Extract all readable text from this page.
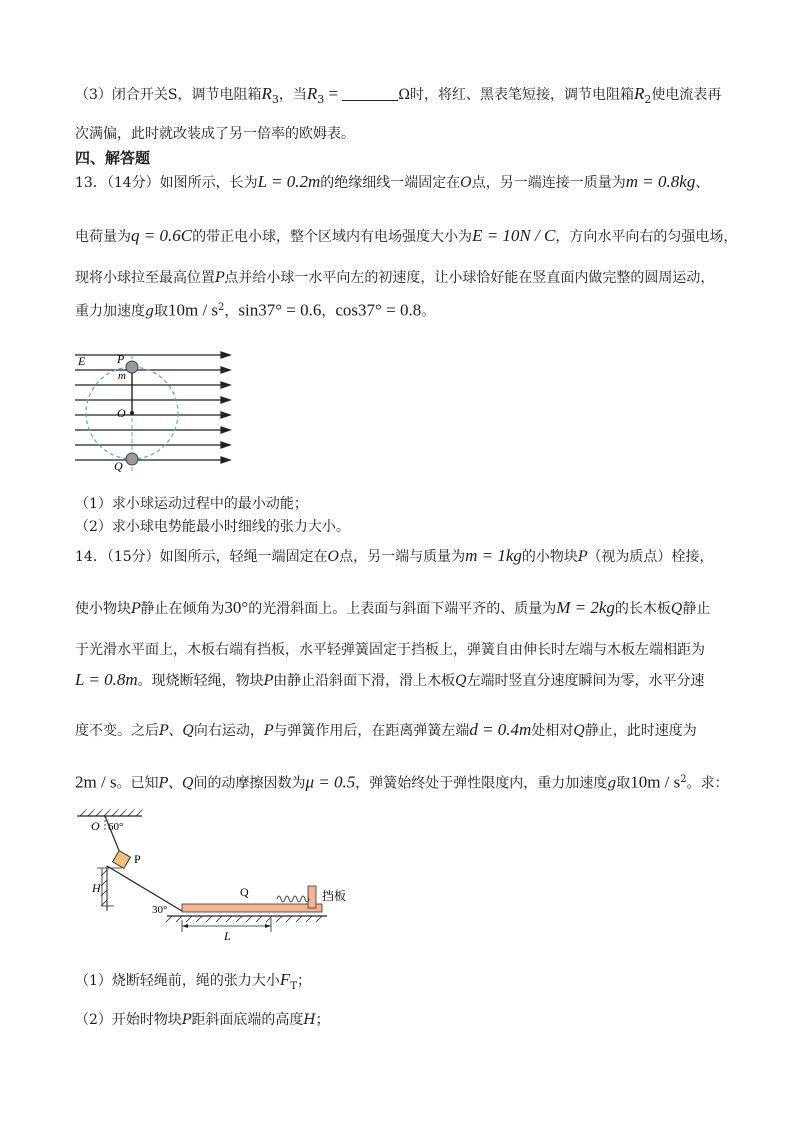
（3）闭合开关S，调节电阻箱$R_3$，当$R_3$ =	Ω时，将红、黑表笔短接，调节电阻箱$R_2$使电流表再
次满偏，此时就改装成了另一倍率的欧姆表。
四、解答题
13．（14分）如图所示，长为L = 0.2m的绝缘细线一端固定在O点，另一端连接一质量为m = 0.8kg、
电荷量为q = 0.6C的带正电小球，整个区域内有电场强度大小为E = 10N / C，方向水平向右的匀强电场，
现将小球拉至最高位置P点并给小球一水平向左的初速度，让小球恰好能在竖直面内做完整的圆周运动，
重力加速度g取$10m / s^2$，sin37° = 0.6，cos37° = 0.8。
E	P
m
O
Q
（1）求小球运动过程中的最小动能；
（2）求小球电势能最小时细线的张力大小。
14．（15分）如图所示，轻绳一端固定在O点，另一端与质量为m = 1kg的小物块P（视为质点）栓接，
使小物块P静止在倾角为30°的光滑斜面上。上表面与斜面下端平齐的、质量为M = 2kg的长木板Q静止
于光滑水平面上，木板右端有挡板，水平轻弹簧固定于挡板上，弹簧自由伸长时左端与木板左端相距为
L = 0.8m。现烧断轻绳，物块P由静止沿斜面下滑，滑上木板Q左端时竖直分速度瞬间为零，水平分速
度不变。之后P、Q向右运动，P与弹簧作用后，在距离弹簧左端d = 0.4m处相对Q静止，此时速度为
2m / s。已知P、Q间的动摩擦因数为μ = 0.5，弹簧始终处于弹性限度内，重力加速度g取$10m / s^2$。求：
O 60°
P
H
30°
Q	挡板
L
（1）烧断轻绳前，绳的张力大小$F_T$；
（2）开始时物块P距斜面底端的高度H；
